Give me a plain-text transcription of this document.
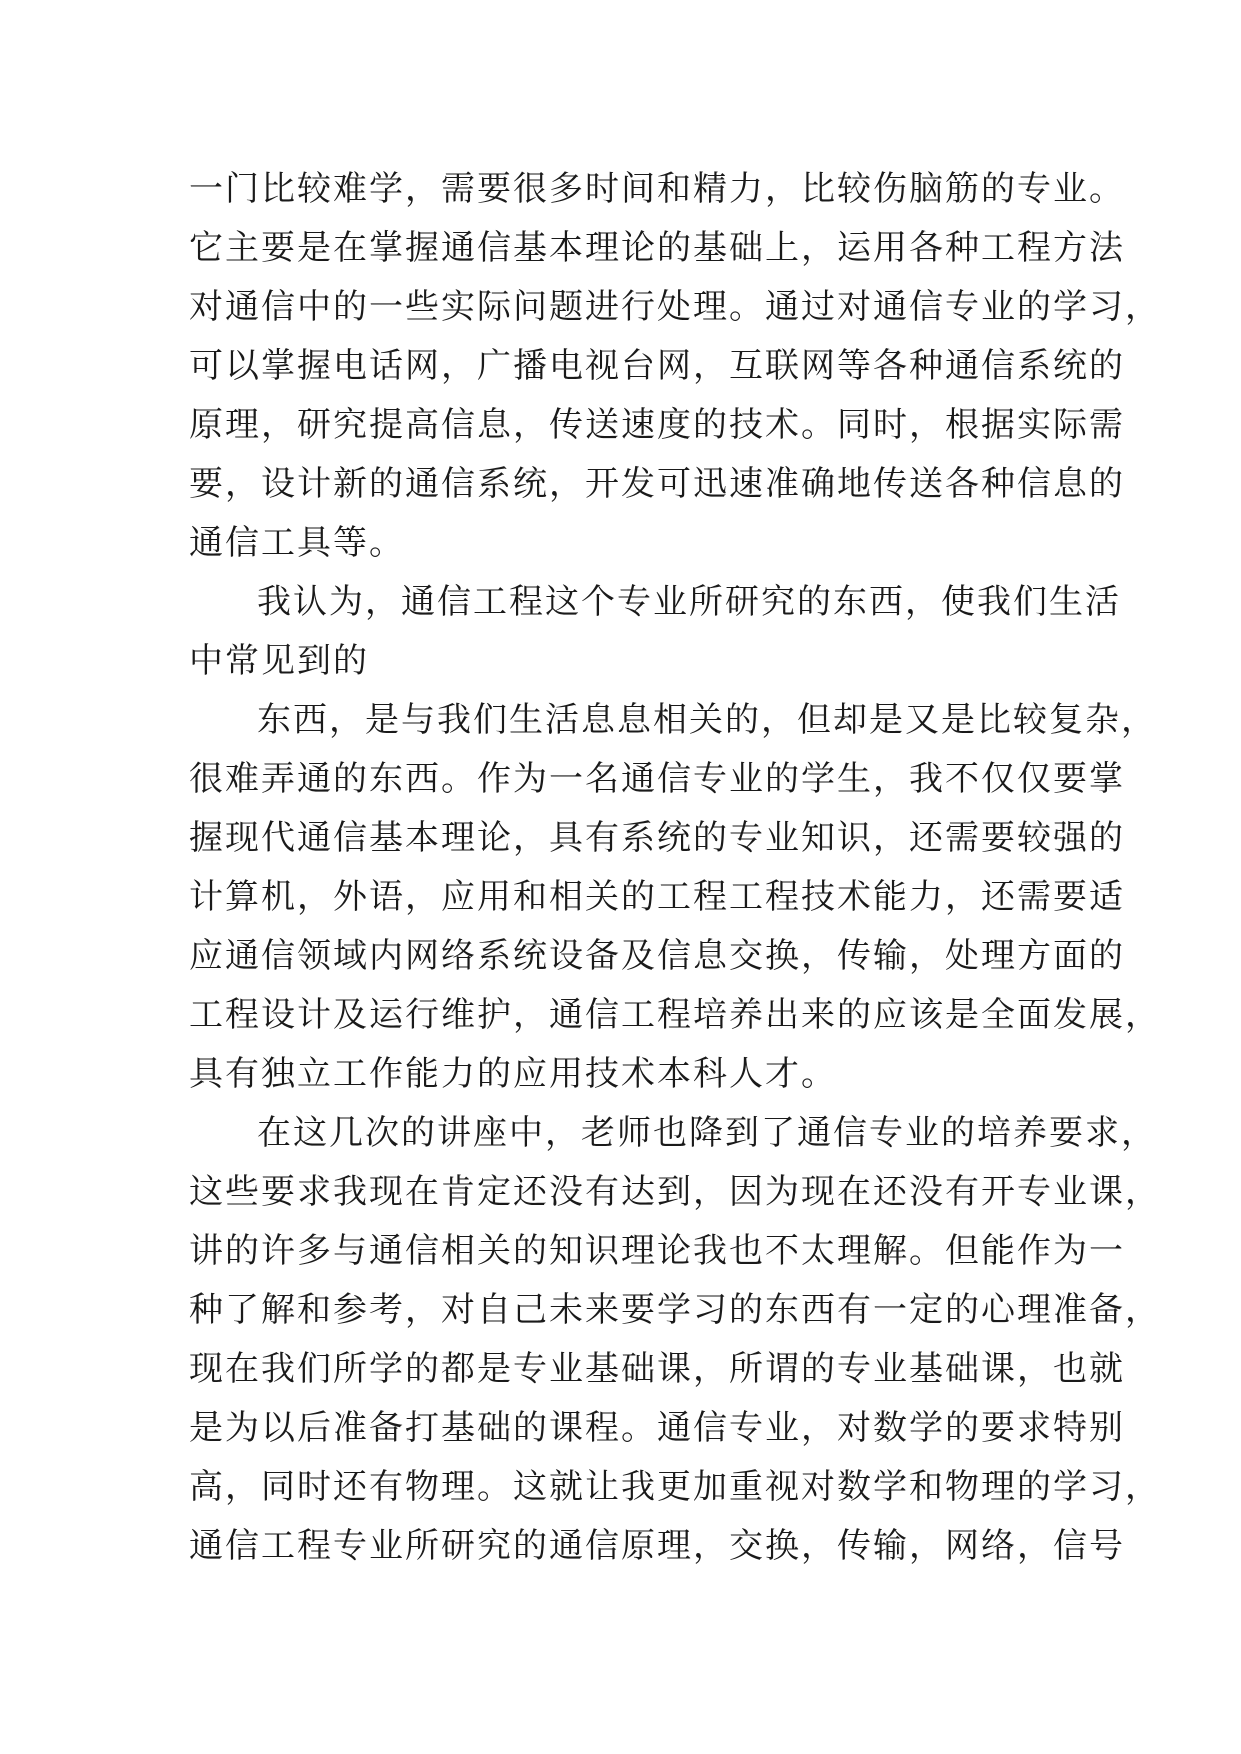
一门比较难学，需要很多时间和精力，比较伤脑筋的专业。
它主要是在掌握通信基本理论的基础上，运用各种工程方法
对通信中的一些实际问题进行处理。通过对通信专业的学习，
可以掌握电话网，广播电视台网，互联网等各种通信系统的
原理，研究提高信息，传送速度的技术。同时，根据实际需
要，设计新的通信系统，开发可迅速准确地传送各种信息的
通信工具等。
我认为，通信工程这个专业所研究的东西，使我们生活
中常见到的
东西，是与我们生活息息相关的，但却是又是比较复杂，
很难弄通的东西。作为一名通信专业的学生，我不仅仅要掌
握现代通信基本理论，具有系统的专业知识，还需要较强的
计算机，外语，应用和相关的工程工程技术能力，还需要适
应通信领域内网络系统设备及信息交换，传输，处理方面的
工程设计及运行维护，通信工程培养出来的应该是全面发展，
具有独立工作能力的应用技术本科人才。
在这几次的讲座中，老师也降到了通信专业的培养要求，
这些要求我现在肯定还没有达到，因为现在还没有开专业课，
讲的许多与通信相关的知识理论我也不太理解。但能作为一
种了解和参考，对自己未来要学习的东西有一定的心理准备，
现在我们所学的都是专业基础课，所谓的专业基础课，也就
是为以后准备打基础的课程。通信专业，对数学的要求特别
高，同时还有物理。这就让我更加重视对数学和物理的学习，
通信工程专业所研究的通信原理，交换，传输，网络，信号
